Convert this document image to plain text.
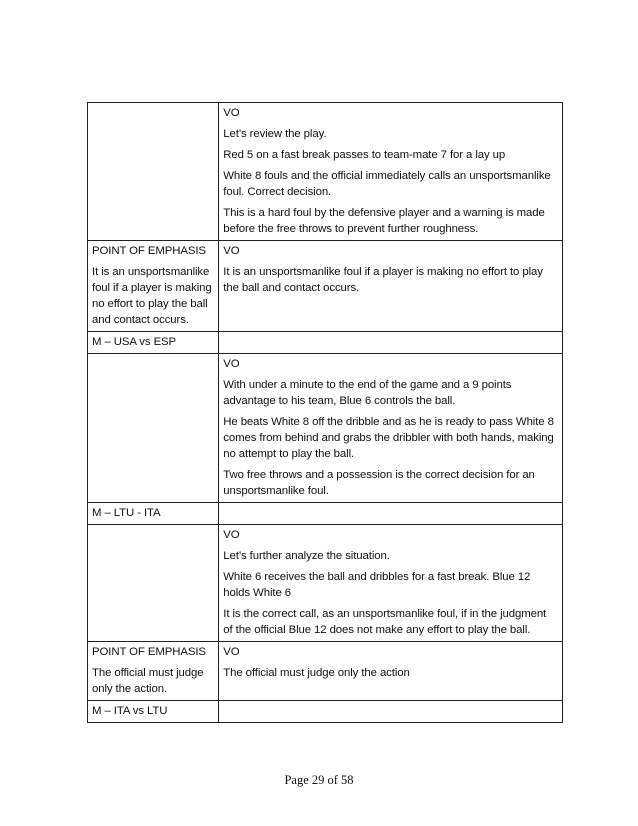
	VO
Let’s review the play.
Red 5 on a fast break passes to team-mate 7 for a lay up
White 8 fouls and the official immediately calls an unsportsmanlike foul. Correct decision.
This is a hard foul by the defensive player and a warning is made before the free throws to prevent further roughness.

POINT OF EMPHASIS
It is an unsportsmanlike foul if a player is making no effort to play the ball and contact occurs.	VO
It is an unsportsmanlike foul if a player is making no effort to play the ball and contact occurs.

M – USA vs ESP	

	VO
With under a minute to the end of the game and a 9 points advantage to his team, Blue 6 controls the ball.
He beats White 8 off the dribble and as he is ready to pass White 8 comes from behind and grabs the dribbler with both hands, making no attempt to play the ball.
Two free throws and a possession is the correct decision for an unsportsmanlike foul.

M – LTU - ITA	

	VO
Let’s further analyze the situation.
White 6 receives the ball and dribbles for a fast break. Blue 12 holds White 6
It is the correct call, as an unsportsmanlike foul, if in the judgment of the official Blue 12 does not make any effort to play the ball.

POINT OF EMPHASIS
The official must judge only the action.	VO
The official must judge only the action

M – ITA vs LTU	

Page 29 of 58
